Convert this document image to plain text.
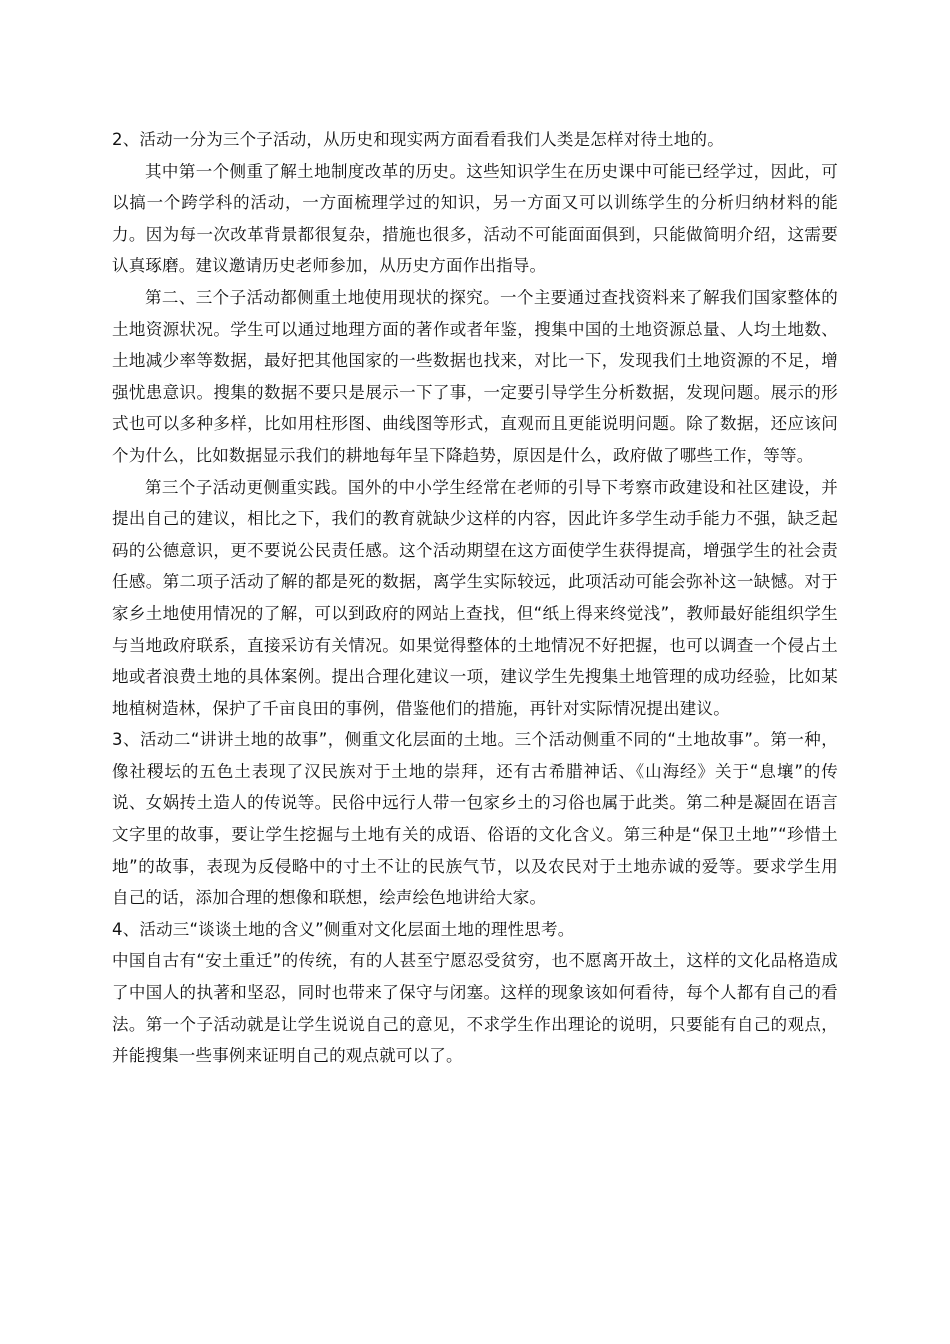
2、活动一分为三个子活动，从历史和现实两方面看看我们人类是怎样对待土地的。

其中第一个侧重了解土地制度改革的历史。这些知识学生在历史课中可能已经学过，因此，可以搞一个跨学科的活动，一方面梳理学过的知识，另一方面又可以训练学生的分析归纳材料的能力。因为每一次改革背景都很复杂，措施也很多，活动不可能面面俱到，只能做简明介绍，这需要认真琢磨。建议邀请历史老师参加，从历史方面作出指导。

第二、三个子活动都侧重土地使用现状的探究。一个主要通过查找资料来了解我们国家整体的土地资源状况。学生可以通过地理方面的著作或者年鉴，搜集中国的土地资源总量、人均土地数、土地减少率等数据，最好把其他国家的一些数据也找来，对比一下，发现我们土地资源的不足，增强忧患意识。搜集的数据不要只是展示一下了事，一定要引导学生分析数据，发现问题。展示的形式也可以多种多样，比如用柱形图、曲线图等形式，直观而且更能说明问题。除了数据，还应该问个为什么，比如数据显示我们的耕地每年呈下降趋势，原因是什么，政府做了哪些工作，等等。

第三个子活动更侧重实践。国外的中小学生经常在老师的引导下考察市政建设和社区建设，并提出自己的建议，相比之下，我们的教育就缺少这样的内容，因此许多学生动手能力不强，缺乏起码的公德意识，更不要说公民责任感。这个活动期望在这方面使学生获得提高，增强学生的社会责任感。第二项子活动了解的都是死的数据，离学生实际较远，此项活动可能会弥补这一缺憾。对于家乡土地使用情况的了解，可以到政府的网站上查找，但“纸上得来终觉浅”，教师最好能组织学生与当地政府联系，直接采访有关情况。如果觉得整体的土地情况不好把握，也可以调查一个侵占土地或者浪费土地的具体案例。提出合理化建议一项，建议学生先搜集土地管理的成功经验，比如某地植树造林，保护了千亩良田的事例，借鉴他们的措施，再针对实际情况提出建议。

3、活动二“讲讲土地的故事”，侧重文化层面的土地。三个活动侧重不同的“土地故事”。第一种，像社稷坛的五色土表现了汉民族对于土地的崇拜，还有古希腊神话、《山海经》关于“息壤”的传说、女娲抟土造人的传说等。民俗中远行人带一包家乡土的习俗也属于此类。第二种是凝固在语言文字里的故事，要让学生挖掘与土地有关的成语、俗语的文化含义。第三种是“保卫土地”“珍惜土地”的故事，表现为反侵略中的寸土不让的民族气节，以及农民对于土地赤诚的爱等。要求学生用自己的话，添加合理的想像和联想，绘声绘色地讲给大家。

4、活动三“谈谈土地的含义”侧重对文化层面土地的理性思考。

中国自古有“安土重迁”的传统，有的人甚至宁愿忍受贫穷，也不愿离开故土，这样的文化品格造成了中国人的执著和坚忍，同时也带来了保守与闭塞。这样的现象该如何看待，每个人都有自己的看法。第一个子活动就是让学生说说自己的意见，不求学生作出理论的说明，只要能有自己的观点，并能搜集一些事例来证明自己的观点就可以了。
